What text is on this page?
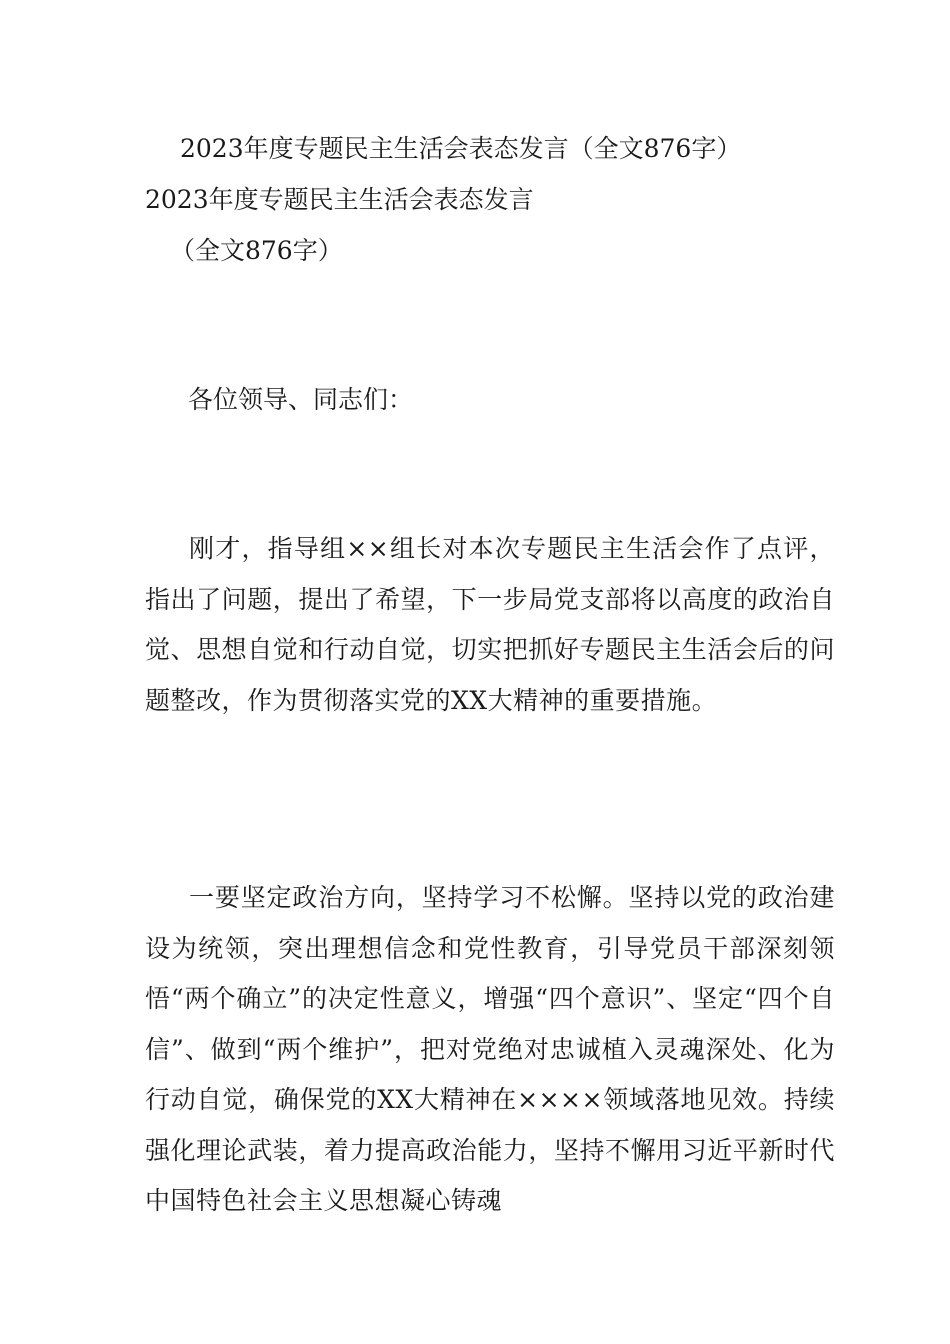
2023年度专题民主生活会表态发言（全文876字）
2023年度专题民主生活会表态发言
（全文876字）
各位领导、同志们：
刚才，指导组××组长对本次专题民主生活会作了点评，指出了问题，提出了希望，下一步局党支部将以高度的政治自觉、思想自觉和行动自觉，切实把抓好专题民主生活会后的问题整改，作为贯彻落实党的XX大精神的重要措施。
一要坚定政治方向，坚持学习不松懈。坚持以党的政治建设为统领，突出理想信念和党性教育，引导党员干部深刻领悟“两个确立”的决定性意义，增强“四个意识”、坚定“四个自信”、做到“两个维护”，把对党绝对忠诚植入灵魂深处、化为行动自觉，确保党的XX大精神在××××领域落地见效。持续强化理论武装，着力提高政治能力，坚持不懈用习近平新时代中国特色社会主义思想凝心铸魂
